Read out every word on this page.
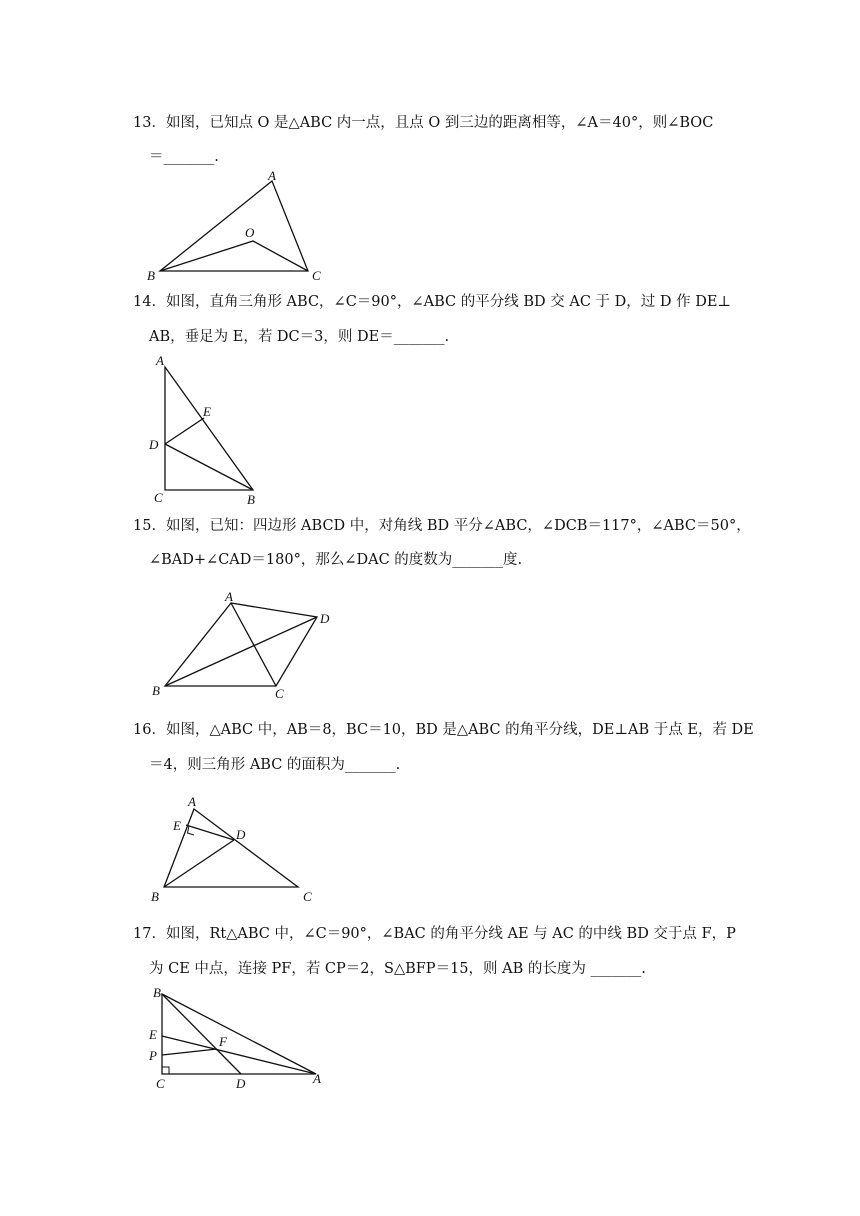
13．如图，已知点 O 是△ABC 内一点，且点 O 到三边的距离相等，∠A＝40°，则∠BOC
＝_______.
A
O
B	C
14．如图，直角三角形 ABC，∠C＝90°，∠ABC 的平分线 BD 交 AC 于 D，过 D 作 DE⊥
AB，垂足为 E，若 DC＝3，则 DE＝_______.
A
E
D
C	B
15．如图，已知：四边形 ABCD 中，对角线 BD 平分∠ABC，∠DCB＝117°，∠ABC＝50°，
∠BAD+∠CAD＝180°，那么∠DAC 的度数为_______度.
A
D
B	C
16．如图，△ABC 中，AB＝8，BC＝10，BD 是△ABC 的角平分线，DE⊥AB 于点 E，若 DE
＝4，则三角形 ABC 的面积为_______.
A
E
D
B	C
17．如图，Rt△ABC 中，∠C＝90°，∠BAC 的角平分线 AE 与 AC 的中线 BD 交于点 F，P
为 CE 中点，连接 PF，若 CP＝2，S△BFP＝15，则 AB 的长度为 _______.
B
E
P
F
C	D	A
